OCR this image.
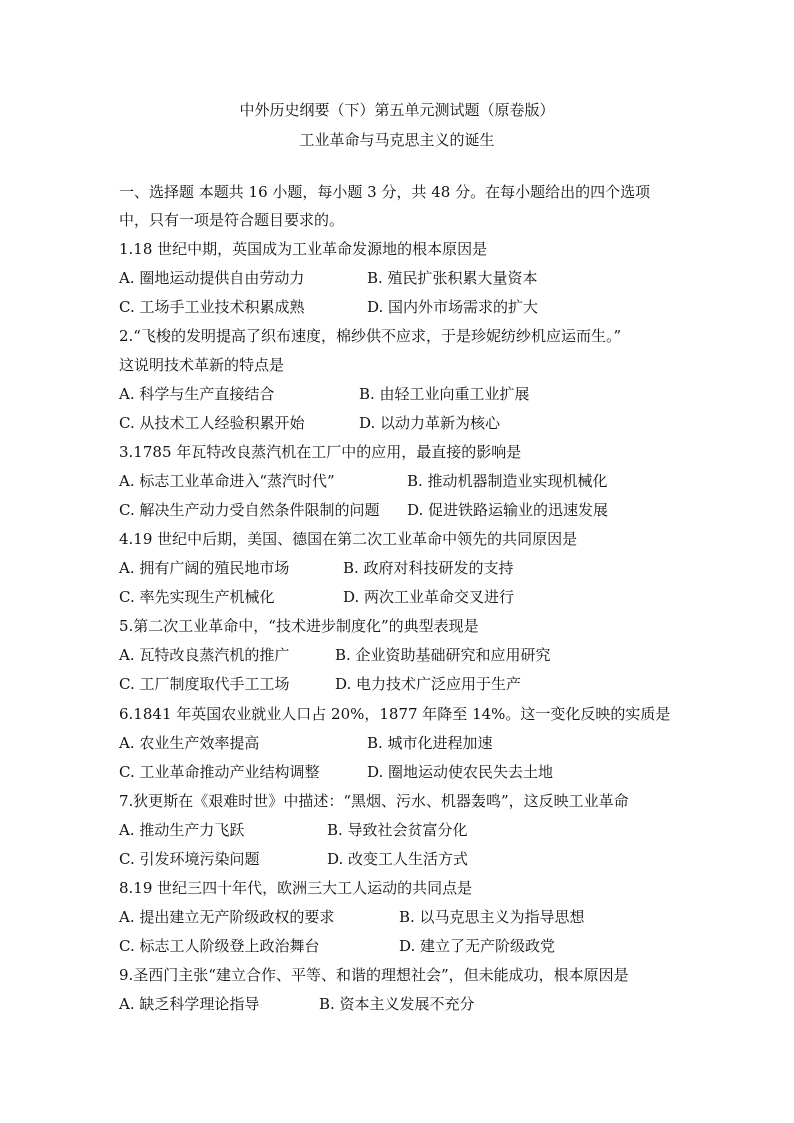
中外历史纲要（下）第五单元测试题（原卷版）
工业革命与马克思主义的诞生
一、选择题 本题共 16 小题，每小题 3 分，共 48 分。在每小题给出的四个选项
中，只有一项是符合题目要求的。
1.18 世纪中期，英国成为工业革命发源地的根本原因是
A. 圈地运动提供自由劳动力	B. 殖民扩张积累大量资本
C. 工场手工业技术积累成熟	D. 国内外市场需求的扩大
2.“飞梭的发明提高了织布速度，棉纱供不应求，于是珍妮纺纱机应运而生。”
这说明技术革新的特点是
A. 科学与生产直接结合	B. 由轻工业向重工业扩展
C. 从技术工人经验积累开始	D. 以动力革新为核心
3.1785 年瓦特改良蒸汽机在工厂中的应用，最直接的影响是
A. 标志工业革命进入“蒸汽时代”	B. 推动机器制造业实现机械化
C. 解决生产动力受自然条件限制的问题 D. 促进铁路运输业的迅速发展
4.19 世纪中后期，美国、德国在第二次工业革命中领先的共同原因是
A. 拥有广阔的殖民地市场	B. 政府对科技研发的支持
C. 率先实现生产机械化	D. 两次工业革命交叉进行
5.第二次工业革命中，“技术进步制度化”的典型表现是
A. 瓦特改良蒸汽机的推广	B. 企业资助基础研究和应用研究
C. 工厂制度取代手工工场	D. 电力技术广泛应用于生产
6.1841 年英国农业就业人口占 20%，1877 年降至 14%。这一变化反映的实质是
A. 农业生产效率提高	B. 城市化进程加速
C. 工业革命推动产业结构调整	D. 圈地运动使农民失去土地
7.狄更斯在《艰难时世》中描述：“黑烟、污水、机器轰鸣”，这反映工业革命
A. 推动生产力飞跃	B. 导致社会贫富分化
C. 引发环境污染问题	D. 改变工人生活方式
8.19 世纪三四十年代，欧洲三大工人运动的共同点是
A. 提出建立无产阶级政权的要求	B. 以马克思主义为指导思想
C. 标志工人阶级登上政治舞台	D. 建立了无产阶级政党
9.圣西门主张“建立合作、平等、和谐的理想社会”，但未能成功，根本原因是
A. 缺乏科学理论指导	B. 资本主义发展不充分
